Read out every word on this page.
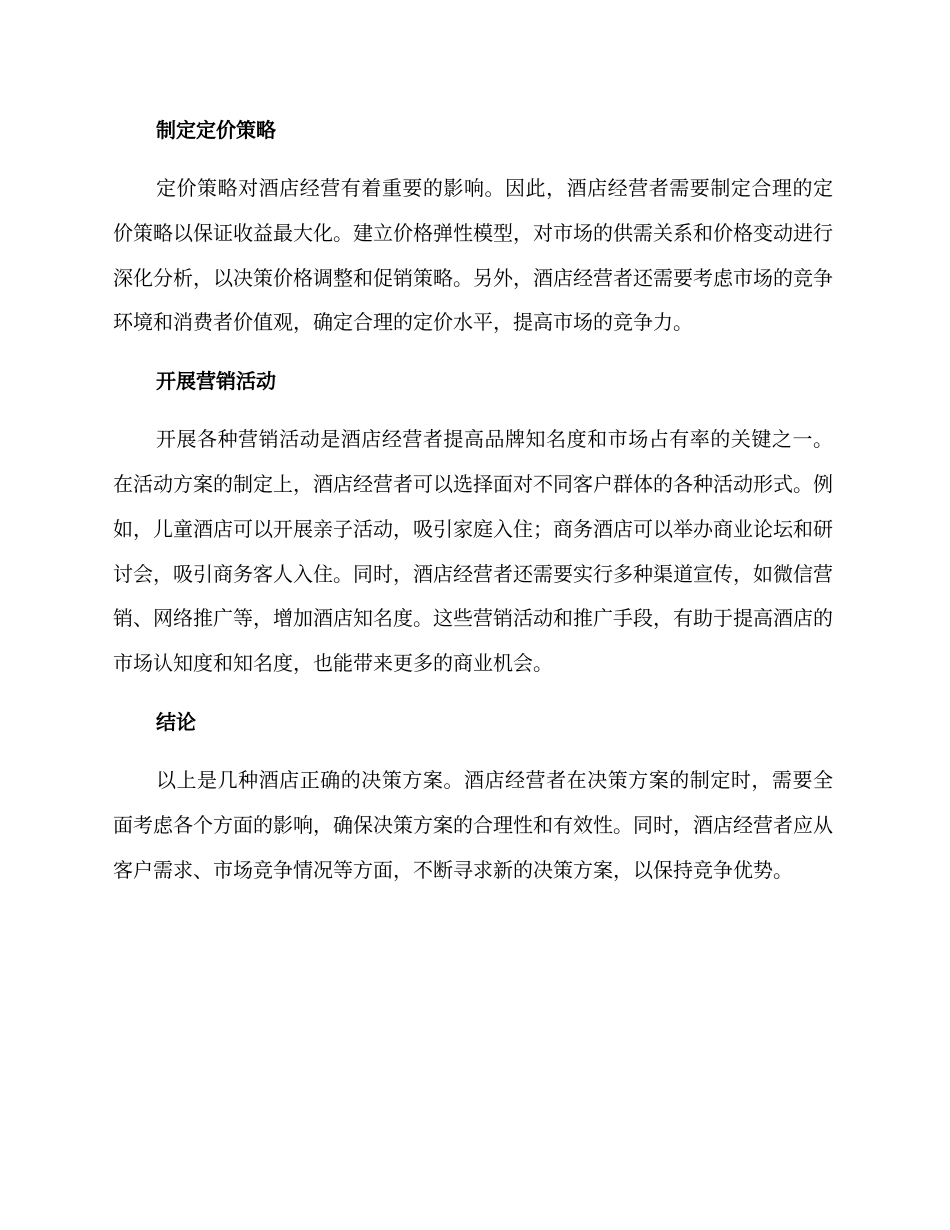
制定定价策略

定价策略对酒店经营有着重要的影响。因此，酒店经营者需要制定合理的定价策略以保证收益最大化。建立价格弹性模型，对市场的供需关系和价格变动进行深化分析，以决策价格调整和促销策略。另外，酒店经营者还需要考虑市场的竞争环境和消费者价值观，确定合理的定价水平，提高市场的竞争力。

开展营销活动

开展各种营销活动是酒店经营者提高品牌知名度和市场占有率的关键之一。在活动方案的制定上，酒店经营者可以选择面对不同客户群体的各种活动形式。例如，儿童酒店可以开展亲子活动，吸引家庭入住；商务酒店可以举办商业论坛和研讨会，吸引商务客人入住。同时，酒店经营者还需要实行多种渠道宣传，如微信营销、网络推广等，增加酒店知名度。这些营销活动和推广手段，有助于提高酒店的市场认知度和知名度，也能带来更多的商业机会。

结论

以上是几种酒店正确的决策方案。酒店经营者在决策方案的制定时，需要全面考虑各个方面的影响，确保决策方案的合理性和有效性。同时，酒店经营者应从客户需求、市场竞争情况等方面，不断寻求新的决策方案，以保持竞争优势。
